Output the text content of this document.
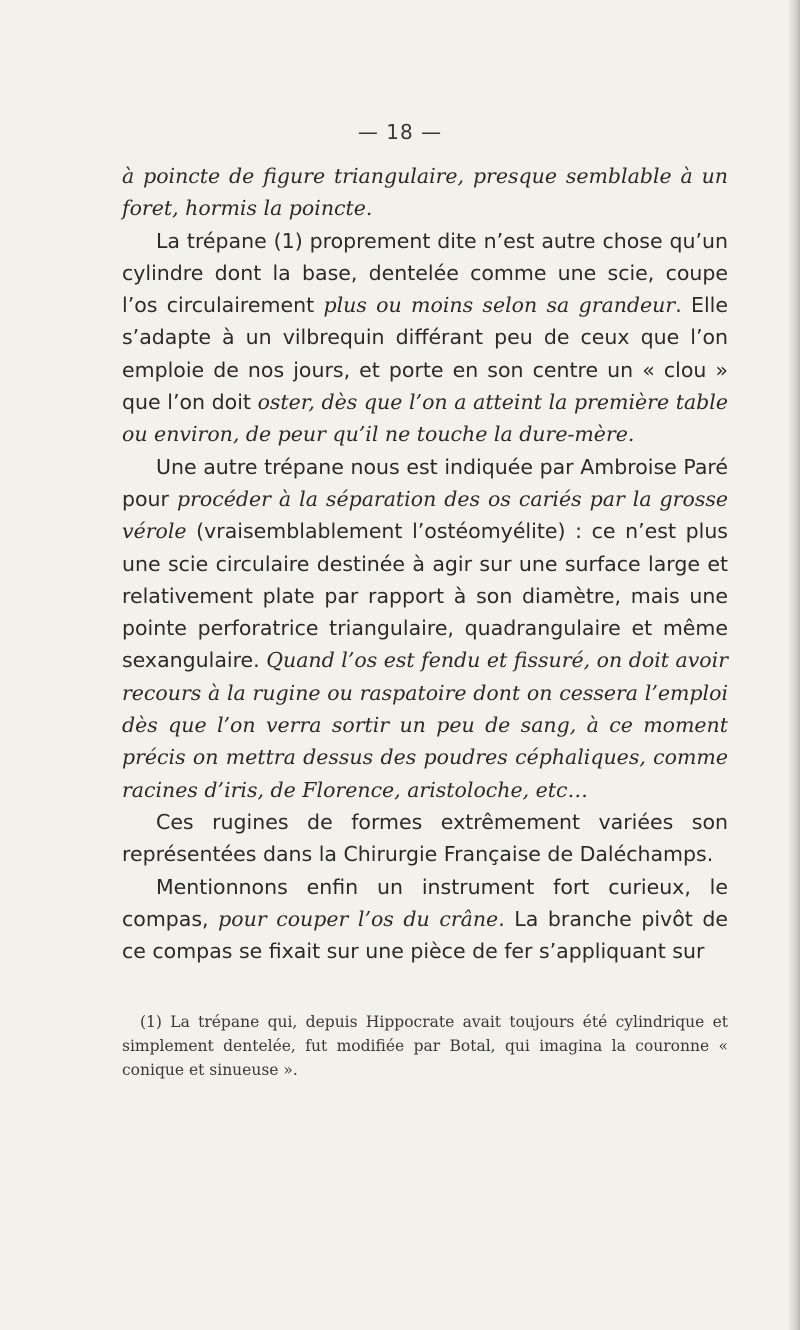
— 18 —

à poincte de figure triangulaire, presque semblable à un foret, hormis la poincte.

La trépane (1) proprement dite n’est autre chose qu’un cylindre dont la base, dentelée comme une scie, coupe l’os circulairement plus ou moins selon sa grandeur. Elle s’adapte à un vilbrequin différant peu de ceux que l’on emploie de nos jours, et porte en son centre un « clou » que l’on doit oster, dès que l’on a atteint la première table ou environ, de peur qu’il ne touche la dure-mère.

Une autre trépane nous est indiquée par Ambroise Paré pour procéder à la séparation des os cariés par la grosse vérole (vraisemblablement l’ostéomyélite) : ce n’est plus une scie circulaire destinée à agir sur une surface large et relativement plate par rapport à son diamètre, mais une pointe perforatrice triangulaire, quadrangulaire et même sexangulaire. Quand l’os est fendu et fissuré, on doit avoir recours à la rugine ou raspatoire dont on cessera l’emploi dès que l’on verra sortir un peu de sang, à ce moment précis on mettra dessus des poudres céphaliques, comme racines d’iris, de Florence, aristoloche, etc…

Ces rugines de formes extrêmement variées son représentées dans la Chirurgie Française de Daléchamps.

Mentionnons enfin un instrument fort curieux, le compas, pour couper l’os du crâne. La branche pivôt de ce compas se fixait sur une pièce de fer s’appliquant sur

(1) La trépane qui, depuis Hippocrate avait toujours été cylindrique et simplement dentelée, fut modifiée par Botal, qui imagina la couronne « conique et sinueuse ».
